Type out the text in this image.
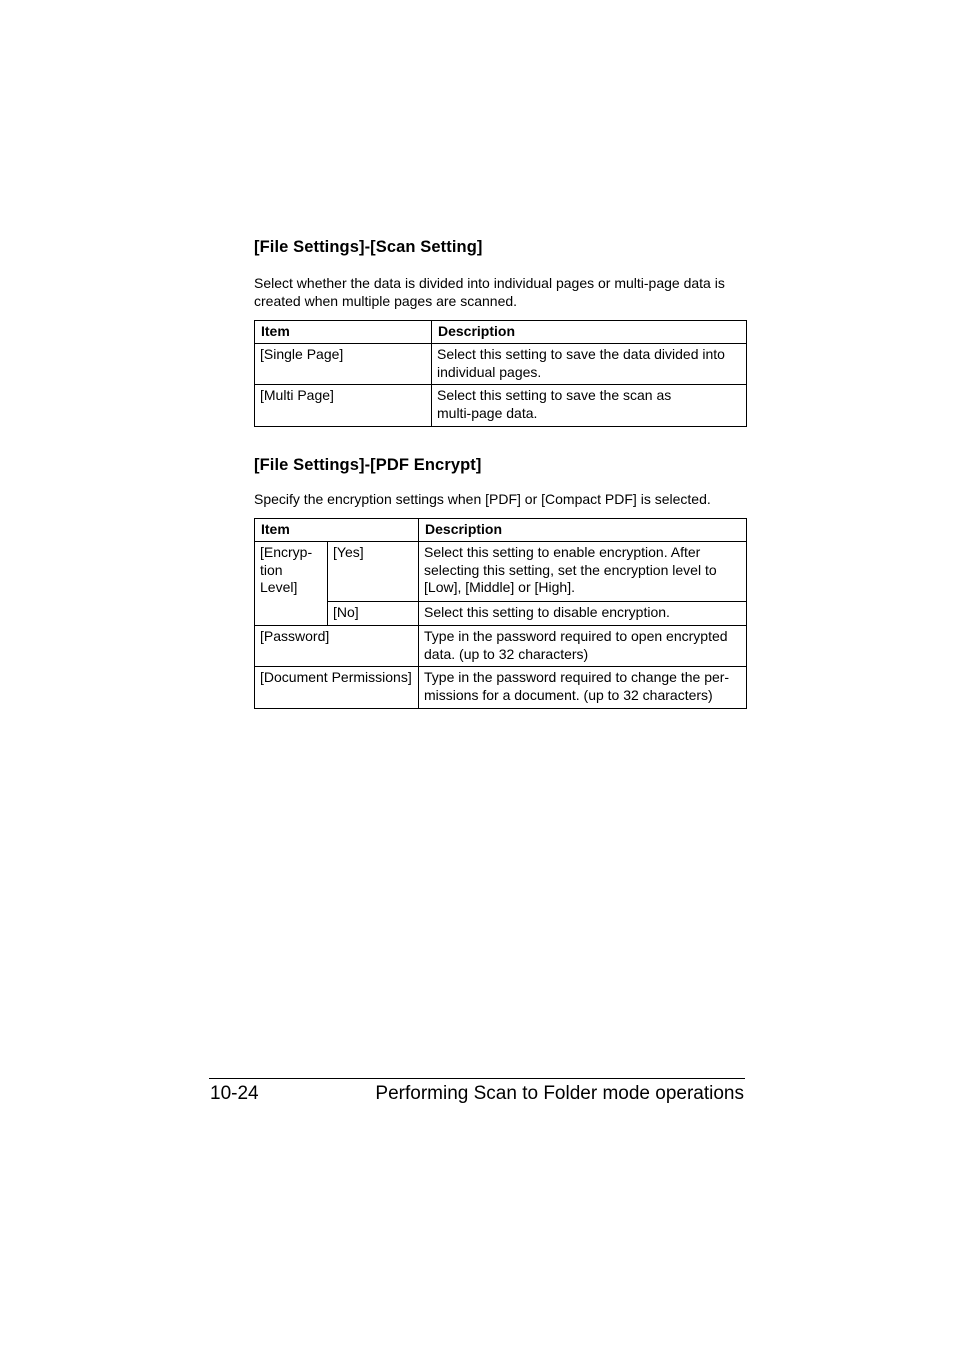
[File Settings]-[Scan Setting]

Select whether the data is divided into individual pages or multi-page data is created when multiple pages are scanned.

Item	Description
[Single Page]	Select this setting to save the data divided into individual pages.
[Multi Page]	Select this setting to save the scan as
multi-page data.
[File Settings]-[PDF Encrypt]

Specify the encryption settings when [PDF] or [Compact PDF] is selected.

Item		Description
[Encryp-
tion Level]	[Yes]	Select this setting to enable encryption. After selecting this setting, set the encryption level to [Low], [Middle] or [High].
	[No]	Select this setting to disable encryption.
[Password]		Type in the password required to open encrypted data. (up to 32 characters)
[Document Permissions]		Type in the password required to change the per-
missions for a document. (up to 32 characters)

10-24	Performing Scan to Folder mode operations
